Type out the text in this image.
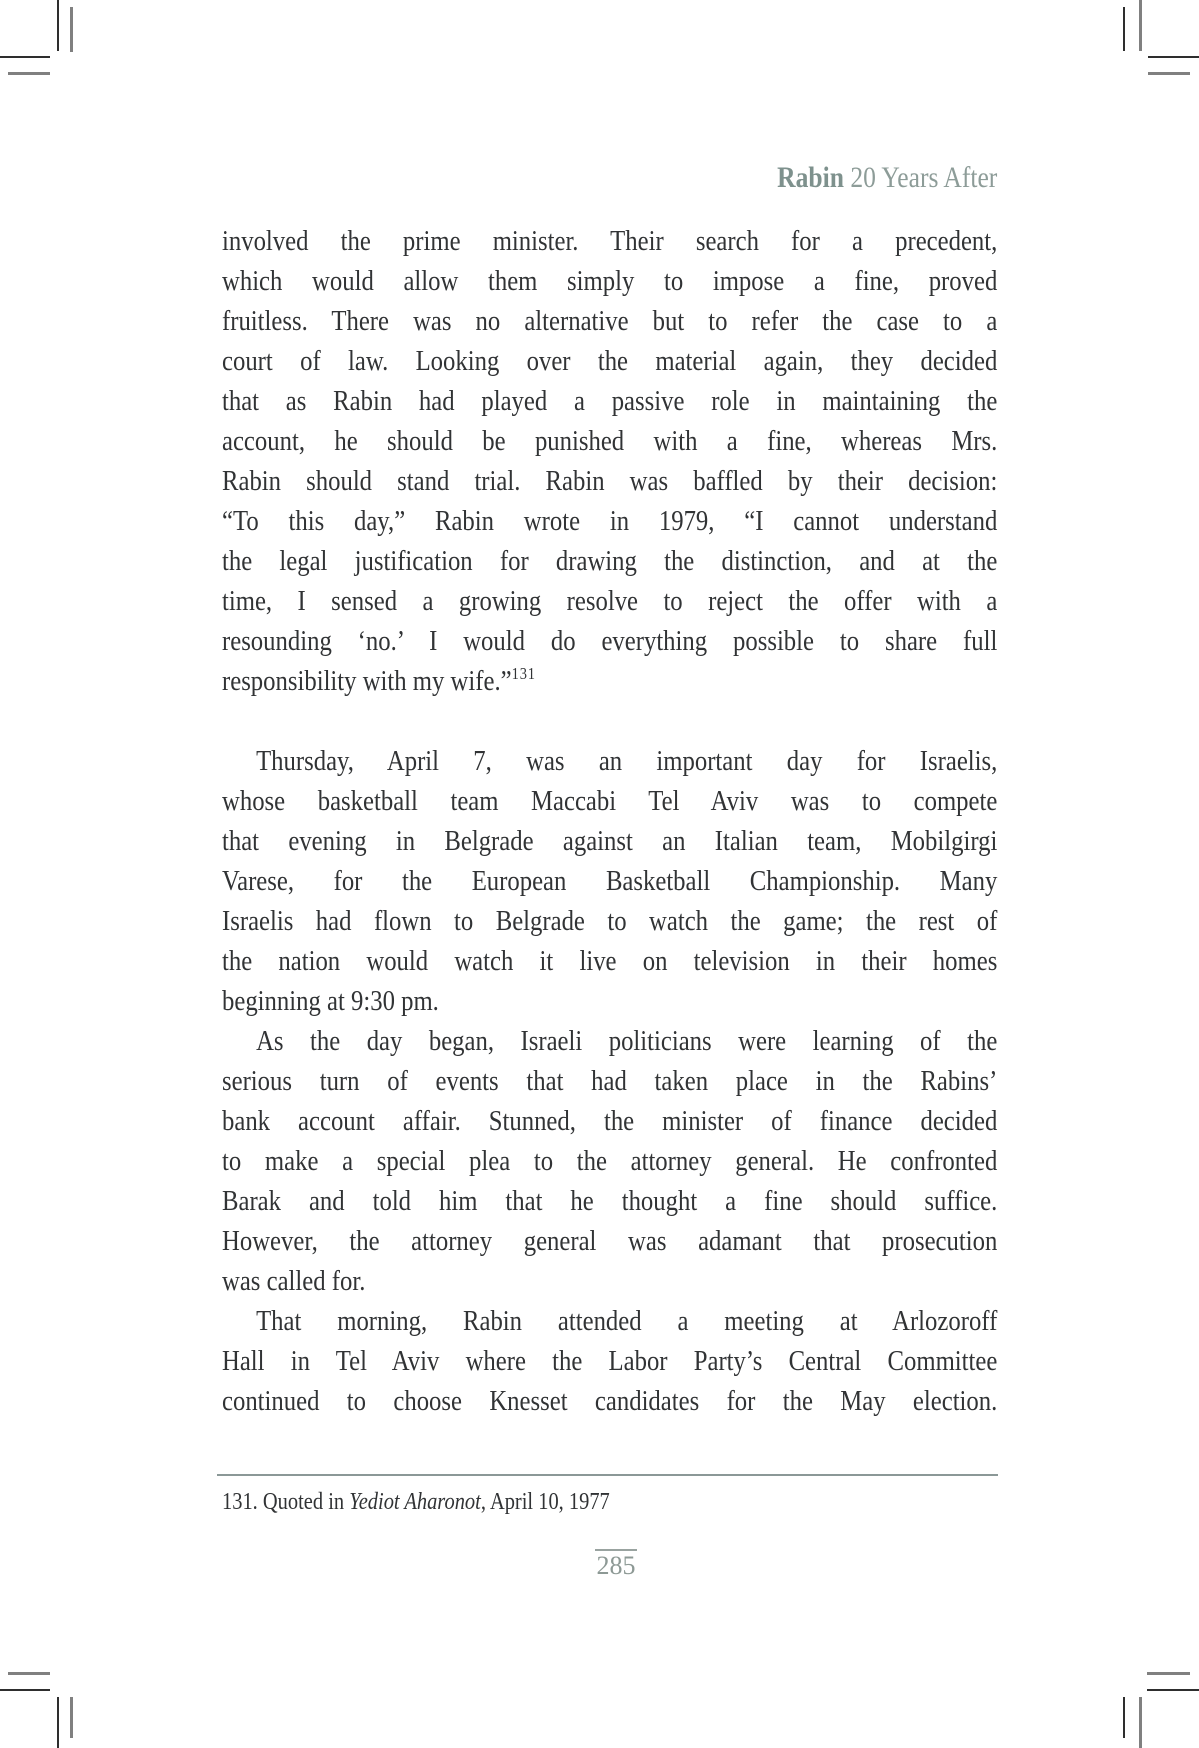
Rabin 20 Years After
involved the prime minister. Their search for a precedent,
which would allow them simply to impose a fine, proved
fruitless. There was no alternative but to refer the case to a
court of law. Looking over the material again, they decided
that as Rabin had played a passive role in maintaining the
account, he should be punished with a fine, whereas Mrs.
Rabin should stand trial. Rabin was baffled by their decision:
“To this day,” Rabin wrote in 1979, “I cannot understand
the legal justification for drawing the distinction, and at the
time, I sensed a growing resolve to reject the offer with a
resounding ‘no.’ I would do everything possible to share full
responsibility with my wife.”$^{131}$
Thursday, April 7, was an important day for Israelis,
whose basketball team Maccabi Tel Aviv was to compete
that evening in Belgrade against an Italian team, Mobilgirgi
Varese, for the European Basketball Championship. Many
Israelis had flown to Belgrade to watch the game; the rest of
the nation would watch it live on television in their homes
beginning at 9:30 pm.
As the day began, Israeli politicians were learning of the
serious turn of events that had taken place in the Rabins’
bank account affair. Stunned, the minister of finance decided
to make a special plea to the attorney general. He confronted
Barak and told him that he thought a fine should suffice.
However, the attorney general was adamant that prosecution
was called for.
That morning, Rabin attended a meeting at Arlozoroff
Hall in Tel Aviv where the Labor Party’s Central Committee
continued to choose Knesset candidates for the May election.
131. Quoted in Yediot Aharonot, April 10, 1977
285
